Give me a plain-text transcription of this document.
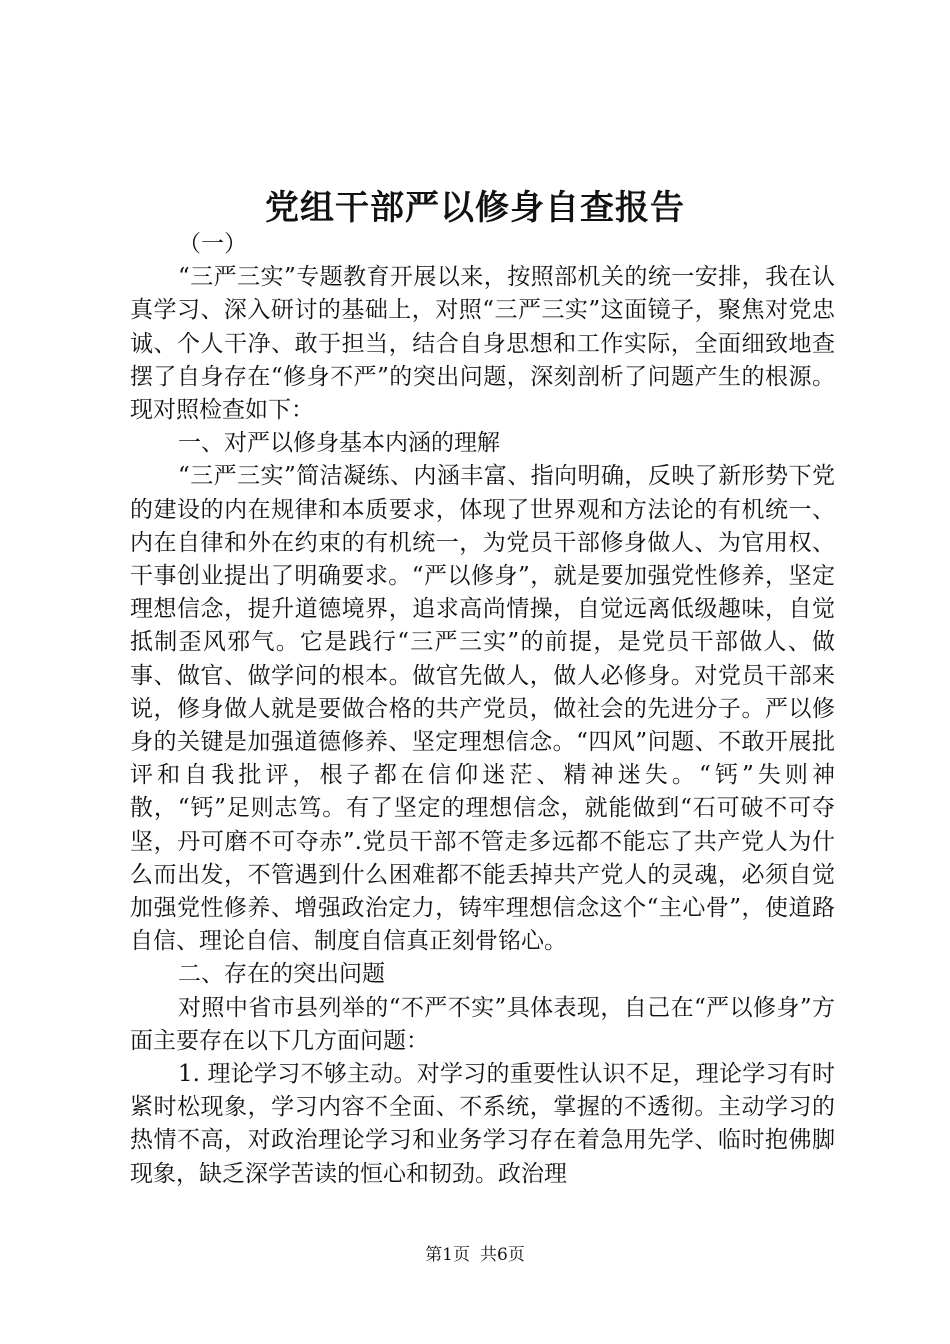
党组干部严以修身自查报告

（一）

“三严三实”专题教育开展以来，按照部机关的统一安排，我在认真学习、深入研讨的基础上，对照“三严三实”这面镜子，聚焦对党忠诚、个人干净、敢于担当，结合自身思想和工作实际，全面细致地查摆了自身存在“修身不严”的突出问题，深刻剖析了问题产生的根源。现对照检查如下：

一、对严以修身基本内涵的理解

“三严三实”简洁凝练、内涵丰富、指向明确，反映了新形势下党的建设的内在规律和本质要求，体现了世界观和方法论的有机统一、内在自律和外在约束的有机统一，为党员干部修身做人、为官用权、干事创业提出了明确要求。“严以修身”，就是要加强党性修养，坚定理想信念，提升道德境界，追求高尚情操，自觉远离低级趣味，自觉抵制歪风邪气。它是践行“三严三实”的前提，是党员干部做人、做事、做官、做学问的根本。做官先做人，做人必修身。对党员干部来说，修身做人就是要做合格的共产党员，做社会的先进分子。严以修身的关键是加强道德修养、坚定理想信念。“四风”问题、不敢开展批评和自我批评，根子都在信仰迷茫、精神迷失。“钙”失则神散，“钙”足则志笃。有了坚定的理想信念，就能做到“石可破不可夺坚，丹可磨不可夺赤”.党员干部不管走多远都不能忘了共产党人为什么而出发，不管遇到什么困难都不能丢掉共产党人的灵魂，必须自觉加强党性修养、增强政治定力，铸牢理想信念这个“主心骨”，使道路自信、理论自信、制度自信真正刻骨铭心。

二、存在的突出问题

对照中省市县列举的“不严不实”具体表现，自己在“严以修身”方面主要存在以下几方面问题：

1. 理论学习不够主动。对学习的重要性认识不足，理论学习有时紧时松现象，学习内容不全面、不系统，掌握的不透彻。主动学习的热情不高，对政治理论学习和业务学习存在着急用先学、临时抱佛脚现象，缺乏深学苦读的恒心和韧劲。政治理

第1页 共6页
